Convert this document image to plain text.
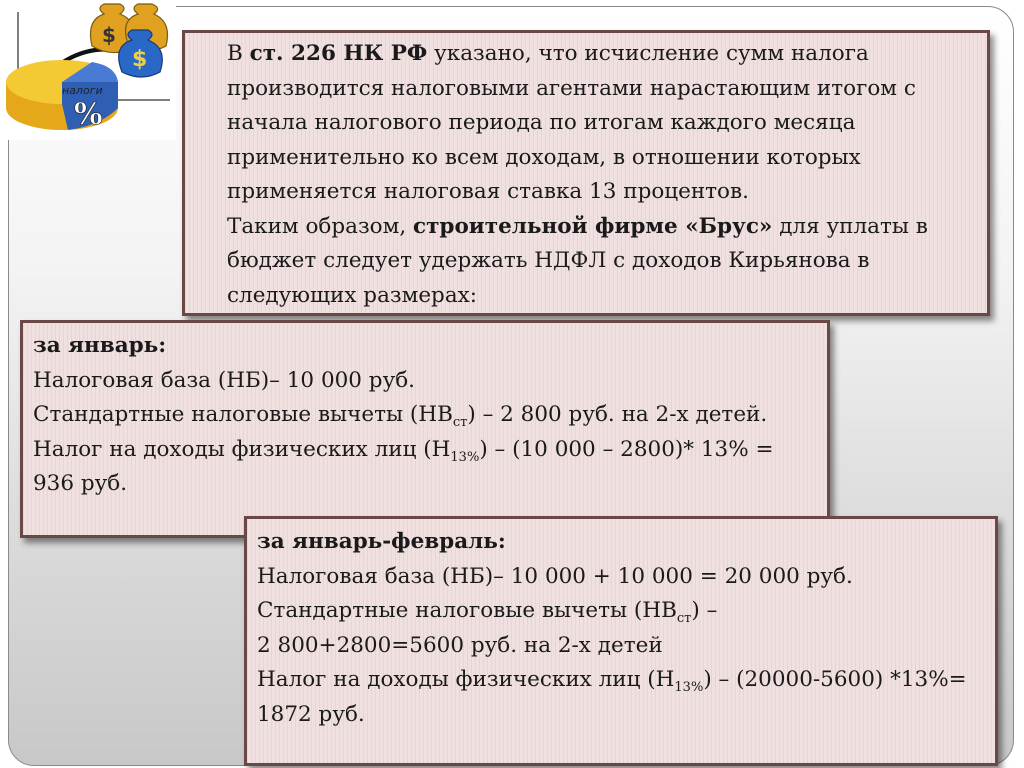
налоги
%
$
$	В ст. 226 НК РФ указано, что исчисление сумм налога производится налоговыми агентами нарастающим итогом с начала налогового периода по итогам каждого месяца применительно ко всем доходам, в отношении которых применяется налоговая ставка 13 процентов.
Таким образом, строительной фирме «Брус» для уплаты в бюджет следует удержать НДФЛ с доходов Кирьянова в следующих размерах:
за январь:
Налоговая база (НБ)– 10 000 руб.
Стандартные налоговые вычеты $(НВ_{ст}) - 2$ 800 руб. на 2-х детей.
Налог на доходы физических лиц $(Н_{13\%}) - (10$ 000 – 2800)* 13% = 936 руб.
за январь-февраль:
Налоговая база (НБ)– 10 000 + 10 000 = 20 000 руб.
Стандартные налоговые вычеты $(НВ_{ст})$ –
2 800+2800=5600 руб. на 2-х детей
Налог на доходы физических лиц $(Н_{13\%}) - (20000-5600)$ *13%= 1872 руб.
